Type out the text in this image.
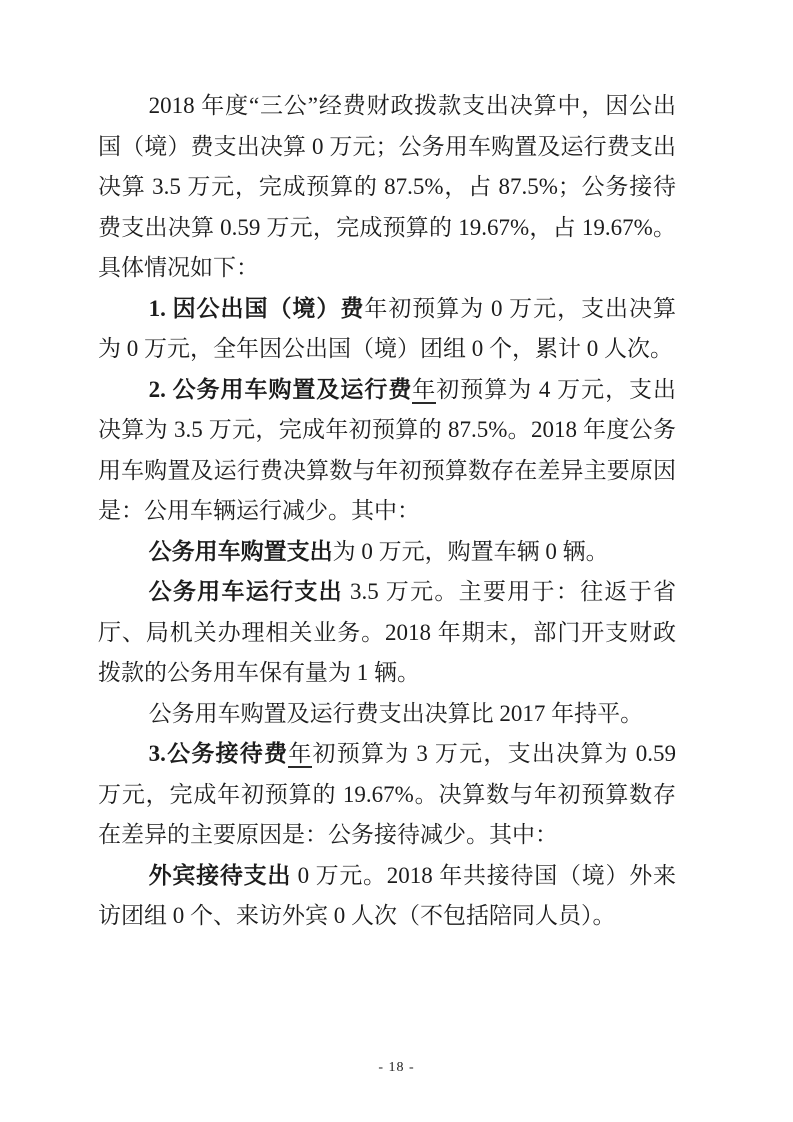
2018 年度“三公”经费财政拨款支出决算中，因公出国（境）费支出决算 0 万元；公务用车购置及运行费支出决算 3.5 万元，完成预算的 87.5%，占 87.5%；公务接待费支出决算 0.59 万元，完成预算的 19.67%，占 19.67%。具体情况如下：

1. 因公出国（境）费年初预算为 0 万元，支出决算为 0 万元，全年因公出国（境）团组 0 个，累计 0 人次。

2. 公务用车购置及运行费年初预算为 4 万元，支出决算为 3.5 万元，完成年初预算的 87.5%。2018 年度公务用车购置及运行费决算数与年初预算数存在差异主要原因是：公用车辆运行减少。其中：

公务用车购置支出为 0 万元，购置车辆 0 辆。

公务用车运行支出 3.5 万元。主要用于：往返于省厅、局机关办理相关业务。2018 年期末，部门开支财政拨款的公务用车保有量为 1 辆。

公务用车购置及运行费支出决算比 2017 年持平。

3.公务接待费年初预算为 3 万元，支出决算为 0.59 万元，完成年初预算的 19.67%。决算数与年初预算数存在差异的主要原因是：公务接待减少。其中：

外宾接待支出 0 万元。2018 年共接待国（境）外来访团组 0 个、来访外宾 0 人次（不包括陪同人员）。

- 18 -
